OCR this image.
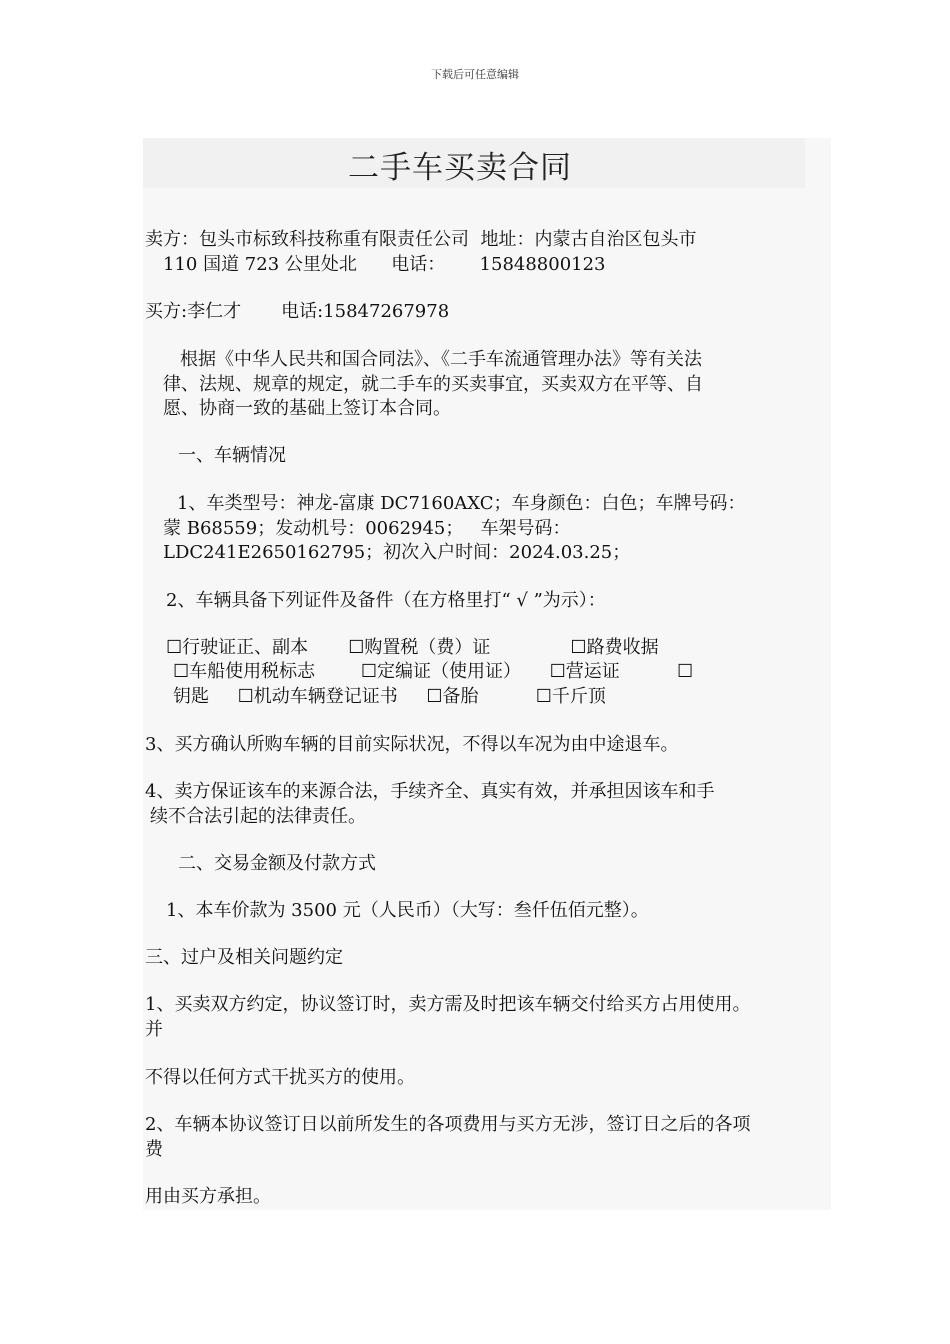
下载后可任意编辑
二手车买卖合同
卖方：包头市标致科技称重有限责任公司  地址：内蒙古自治区包头市
110 国道 723 公里处北      电话：      15848800123
买方:李仁才       电话:15847267978
根据《中华人民共和国合同法》、《二手车流通管理办法》等有关法
律、法规、规章的规定，就二手车的买卖事宜，买卖双方在平等、自
愿、协商一致的基础上签订本合同。
一、车辆情况
1、车类型号：神龙-富康 DC7160AXC；车身颜色：白色；车牌号码：
蒙 B68559；发动机号：0062945；   车架号码：
LDC241E2650162795；初次入户时间：2024.03.25；
2、车辆具备下列证件及备件（在方格里打“ √ ”为示）：
☐行驶证正、副本       ☐购置税（费）证              ☐路费收据
☐车船使用税标志        ☐定编证（使用证）     ☐营运证          ☐
钥匙     ☐机动车辆登记证书     ☐备胎          ☐千斤顶
3、买方确认所购车辆的目前实际状况，不得以车况为由中途退车。
4、卖方保证该车的来源合法，手续齐全、真实有效，并承担因该车和手
续不合法引起的法律责任。
二、交易金额及付款方式
1、本车价款为 3500 元（人民币）（大写：叁仟伍佰元整）。
三、过户及相关问题约定
1、买卖双方约定，协议签订时，卖方需及时把该车辆交付给买方占用使用。
并
不得以任何方式干扰买方的使用。
2、车辆本协议签订日以前所发生的各项费用与买方无涉，签订日之后的各项
费
用由买方承担。
